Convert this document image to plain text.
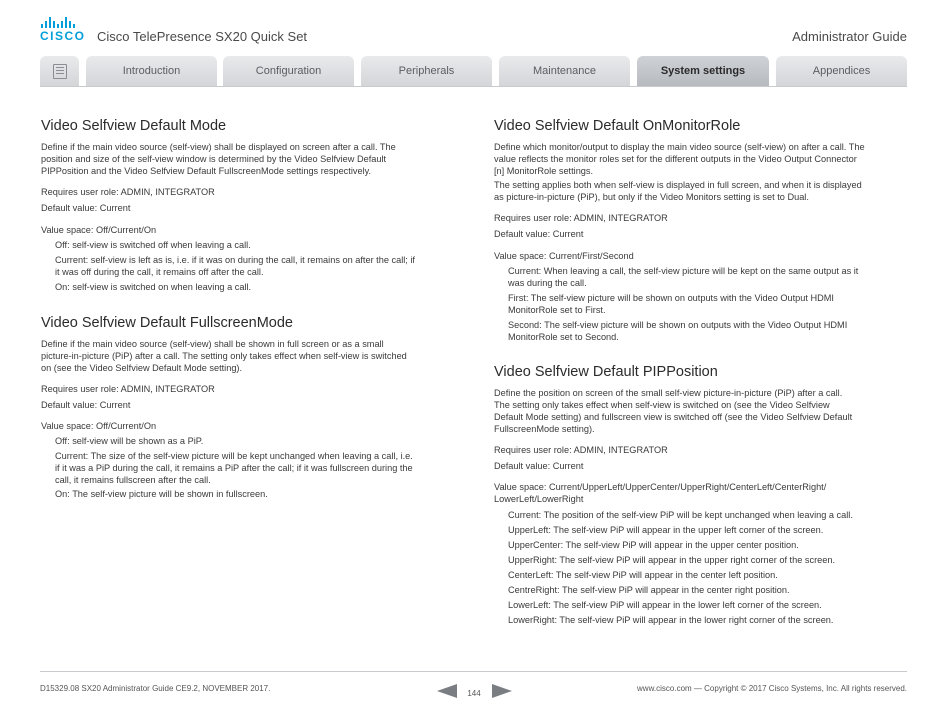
CISCO Cisco TelePresence SX20 Quick Set	Administrator Guide
Introduction	Configuration	Peripherals	Maintenance	System settings	Appendices
Video Selfview Default Mode
Define if the main video source (self-view) shall be displayed on screen after a call. The
position and size of the self-view window is determined by the Video Selfview Default
PIPPosition and the Video Selfview Default FullscreenMode settings respectively.
Requires user role: ADMIN, INTEGRATOR
Default value: Current
Value space: Off/Current/On
Off: self-view is switched off when leaving a call.
Current: self-view is left as is, i.e. if it was on during the call, it remains on after the call; if
it was off during the call, it remains off after the call.
On: self-view is switched on when leaving a call.
Video Selfview Default FullscreenMode
Define if the main video source (self-view) shall be shown in full screen or as a small
picture-in-picture (PiP) after a call. The setting only takes effect when self-view is switched
on (see the Video Selfview Default Mode setting).
Requires user role: ADMIN, INTEGRATOR
Default value: Current
Value space: Off/Current/On
Off: self-view will be shown as a PiP.
Current: The size of the self-view picture will be kept unchanged when leaving a call, i.e.
if it was a PiP during the call, it remains a PiP after the call; if it was fullscreen during the
call, it remains fullscreen after the call.
On: The self-view picture will be shown in fullscreen.
Video Selfview Default OnMonitorRole
Define which monitor/output to display the main video source (self-view) on after a call. The
value reflects the monitor roles set for the different outputs in the Video Output Connector
[n] MonitorRole settings.
The setting applies both when self-view is displayed in full screen, and when it is displayed
as picture-in-picture (PiP), but only if the Video Monitors setting is set to Dual.
Requires user role: ADMIN, INTEGRATOR
Default value: Current
Value space: Current/First/Second
Current: When leaving a call, the self-view picture will be kept on the same output as it
was during the call.
First: The self-view picture will be shown on outputs with the Video Output HDMI
MonitorRole set to First.
Second: The self-view picture will be shown on outputs with the Video Output HDMI
MonitorRole set to Second.
Video Selfview Default PIPPosition
Define the position on screen of the small self-view picture-in-picture (PiP) after a call.
The setting only takes effect when self-view is switched on (see the Video Selfview
Default Mode setting) and fullscreen view is switched off (see the Video Selfview Default
FullscreenMode setting).
Requires user role: ADMIN, INTEGRATOR
Default value: Current
Value space: Current/UpperLeft/UpperCenter/UpperRight/CenterLeft/CenterRight/
LowerLeft/LowerRight
Current: The position of the self-view PiP will be kept unchanged when leaving a call.
UpperLeft: The self-view PiP will appear in the upper left corner of the screen.
UpperCenter: The self-view PiP will appear in the upper center position.
UpperRight: The self-view PiP will appear in the upper right corner of the screen.
CenterLeft: The self-view PiP will appear in the center left position.
CentreRight: The self-view PiP will appear in the center right position.
LowerLeft: The self-view PiP will appear in the lower left corner of the screen.
LowerRight: The self-view PiP will appear in the lower right corner of the screen.
D15329.08 SX20 Administrator Guide CE9.2, NOVEMBER 2017.
144
www.cisco.com — Copyright © 2017 Cisco Systems, Inc. All rights reserved.
